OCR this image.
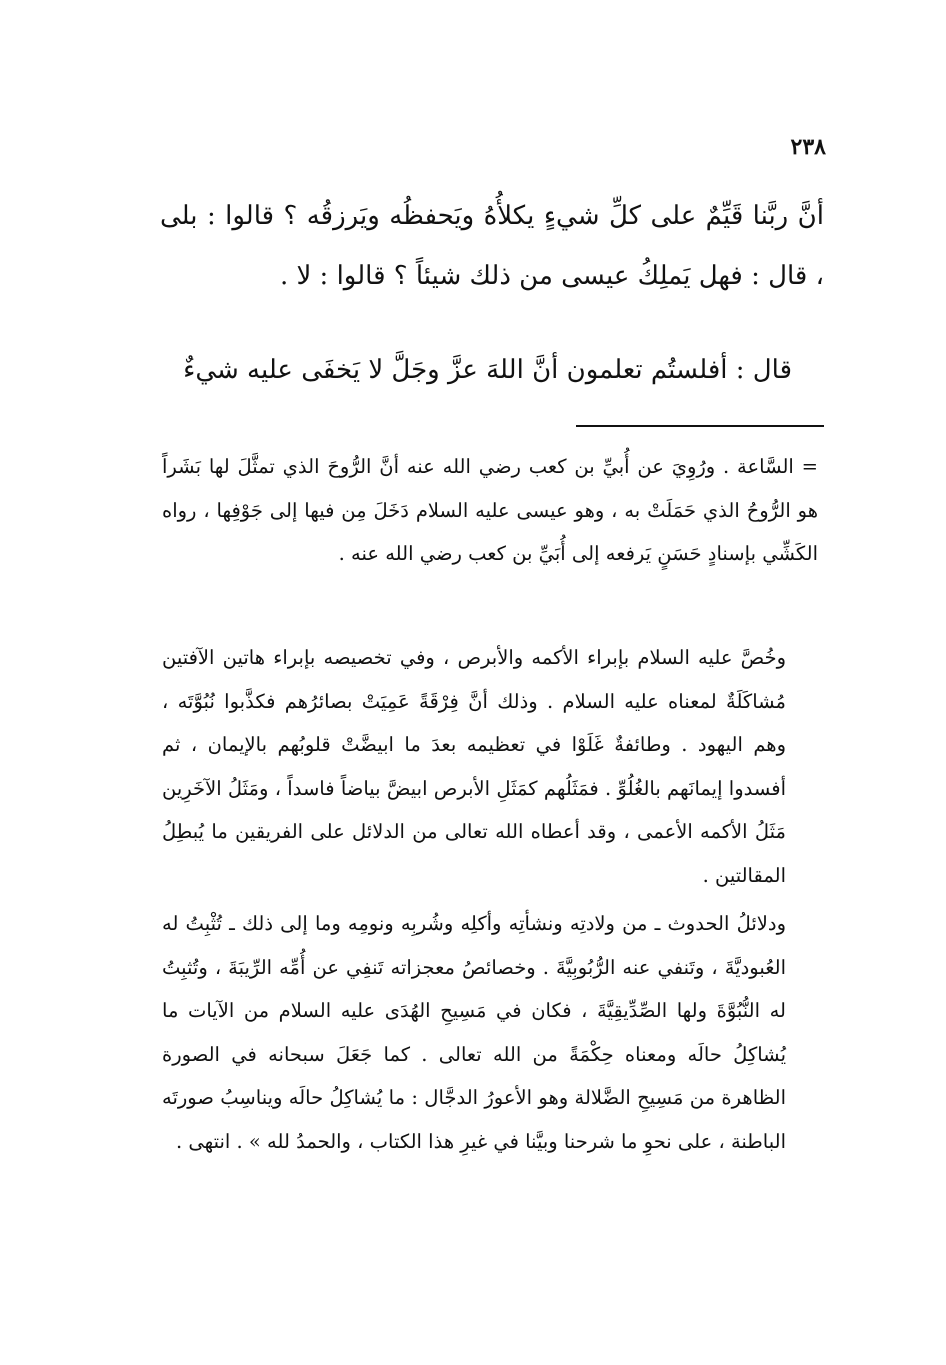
٢٣٨

أنَّ ربَّنا قَيِّمٌ على كلِّ شيءٍ يكلأُهُ ويَحفظُه ويَرزقُه ؟ قالوا : بلى ، قال : فهل يَملِكُ عيسى من ذلك شيئاً ؟ قالوا : لا .

قال : أفلستُم تعلمون أنَّ اللهَ عزَّ وجَلَّ لا يَخفَى عليه شيءٌ

= السَّاعة . ورُوِيَ عن أُبيِّ بن كعب رضي الله عنه أنَّ الرُّوحَ الذي تمثَّلَ لها بَشَراً هو الرُّوحُ الذي حَمَلَتْ به ، وهو عيسى عليه السلام دَخَلَ مِن فيها إلى جَوْفِها ، رواه الكَشِّي بإسنادٍ حَسَنٍ يَرفعه إلى أُبَيِّ بن كعب رضي الله عنه .

وخُصَّ عليه السلام بإبراء الأكمه والأبرص ، وفي تخصيصه بإبراء هاتين الآفتين مُشاكَلَةٌ لمعناه عليه السلام . وذلك أنَّ فِرْقَةً عَمِيَتْ بصائرُهم فكذَّبوا نُبُوَّتَه ، وهم اليهود . وطائفةٌ غَلَوْا في تعظيمه بعدَ ما ابيضَّتْ قلوبُهم بالإيمان ، ثم أفسدوا إيمانَهم بالغُلُوِّ . فمَثَلُهم كمَثَلِ الأبرص ابيضَّ بياضاً فاسداً ، ومَثَلُ الآخَرِين مَثَلُ الأكمه الأعمى ، وقد أعطاه الله تعالى من الدلائل على الفريقين ما يُبطِلُ المقالتين .

ودلائلُ الحدوث ـ من ولادتِه ونشأتِه وأكلِه وشُربِه ونومِه وما إلى ذلك ـ تُثْبِتُ له العُبوديَّةَ ، وتَنفي عنه الرُّبُوبِيَّةَ . وخصائصُ معجزاته تَنفِي عن أُمِّه الرِّيبَةَ ، وتُثبِتُ له النُّبُوَّةَ ولها الصِّدِّيقِيَّةَ ، فكان في مَسِيحِ الهُدَى عليه السلام من الآيات ما يُشاكِلُ حالَه ومعناه حِكْمَةً من الله تعالى . كما جَعَلَ سبحانه في الصورة الظاهرة من مَسِيحِ الضَّلالة وهو الأعورُ الدجَّال : ما يُشاكِلُ حالَه ويناسِبُ صورتَه الباطنة ، على نحوِ ما شرحنا وبيَّنا في غيرِ هذا الكتاب ، والحمدُ لله » . انتهى .
